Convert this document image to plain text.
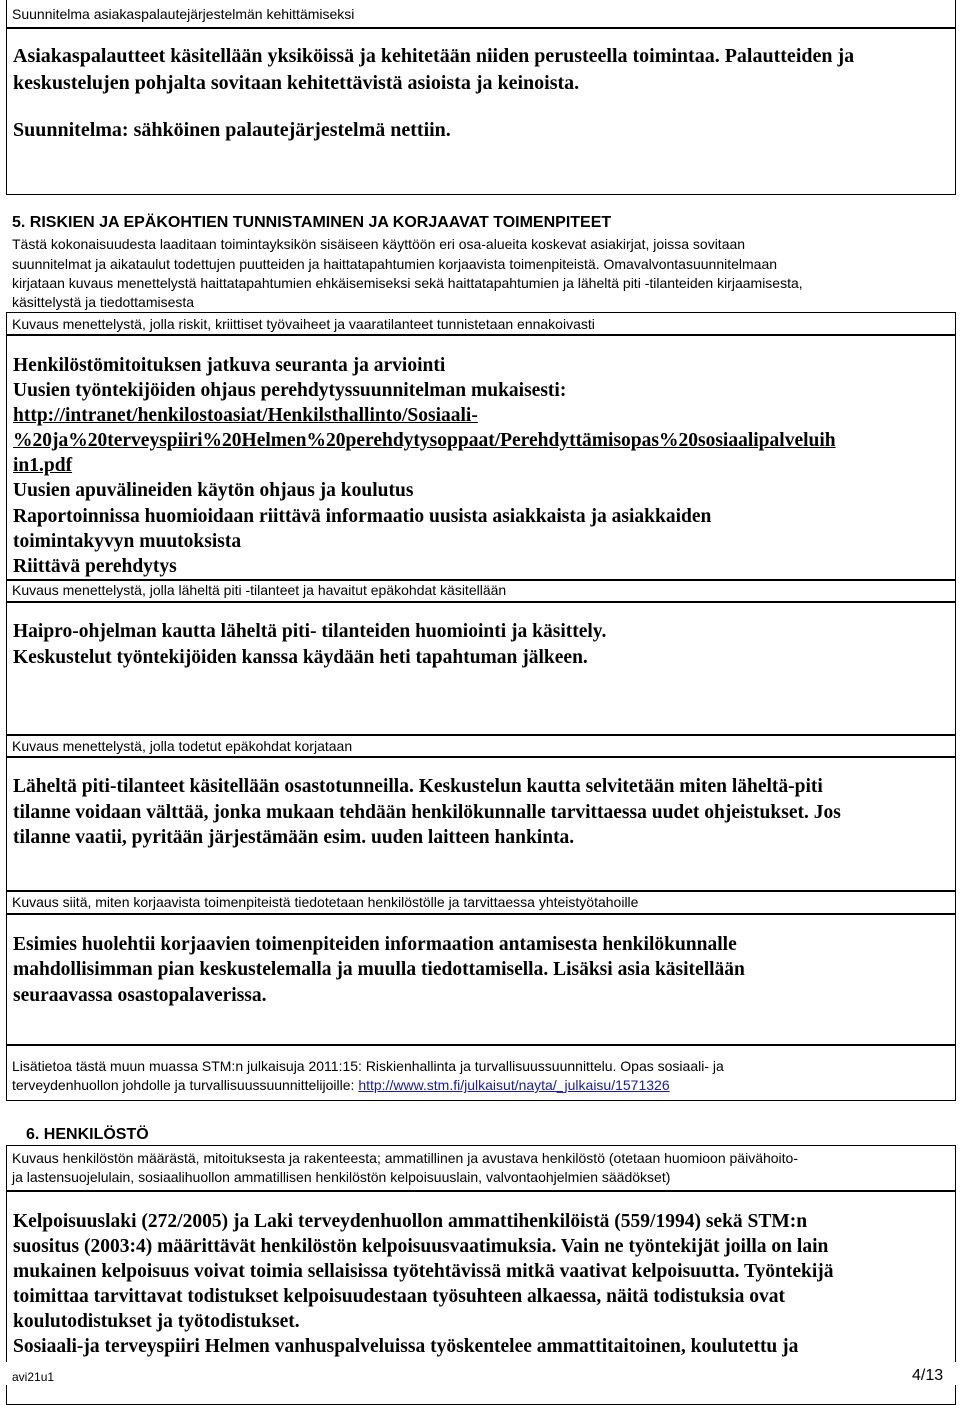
Suunnitelma asiakaspalautejärjestelmän kehittämiseksi
Asiakaspalautteet käsitellään yksiköissä ja kehitetään niiden perusteella toimintaa. Palautteiden ja
keskustelujen pohjalta sovitaan kehitettävistä asioista ja keinoista.
Suunnitelma: sähköinen palautejärjestelmä nettiin.
5. RISKIEN JA EPÄKOHTIEN TUNNISTAMINEN JA KORJAAVAT TOIMENPITEET
Tästä kokonaisuudesta laaditaan toimintayksikön sisäiseen käyttöön eri osa-alueita koskevat asiakirjat, joissa sovitaan
suunnitelmat ja aikataulut todettujen puutteiden ja haittatapahtumien korjaavista toimenpiteistä. Omavalvontasuunnitelmaan
kirjataan kuvaus menettelystä haittatapahtumien ehkäisemiseksi sekä haittatapahtumien ja läheltä piti -tilanteiden kirjaamisesta,
käsittelystä ja tiedottamisesta
Kuvaus menettelystä, jolla riskit, kriittiset työvaiheet ja vaaratilanteet tunnistetaan ennakoivasti
Henkilöstömitoituksen jatkuva seuranta ja arviointi
Uusien työntekijöiden ohjaus perehdytyssuunnitelman mukaisesti:
http://intranet/henkilostoasiat/Henkilsthallinto/Sosiaali-
%20ja%20terveyspiiri%20Helmen%20perehdytysoppaat/Perehdyttämisopas%20sosiaalipalveluih
in1.pdf
Uusien apuvälineiden käytön ohjaus ja koulutus
Raportoinnissa huomioidaan riittävä informaatio uusista asiakkaista ja asiakkaiden
toimintakyvyn muutoksista
Riittävä perehdytys
Kuvaus menettelystä, jolla läheltä piti -tilanteet ja havaitut epäkohdat käsitellään
Haipro-ohjelman kautta läheltä piti- tilanteiden huomiointi ja käsittely.
Keskustelut työntekijöiden kanssa käydään heti tapahtuman jälkeen.
Kuvaus menettelystä, jolla todetut epäkohdat korjataan
Läheltä piti-tilanteet käsitellään osastotunneilla. Keskustelun kautta selvitetään miten läheltä-piti
tilanne voidaan välttää, jonka mukaan tehdään henkilökunnalle tarvittaessa uudet ohjeistukset. Jos
tilanne vaatii, pyritään järjestämään esim. uuden laitteen hankinta.
Kuvaus siitä, miten korjaavista toimenpiteistä tiedotetaan henkilöstölle ja tarvittaessa yhteistyötahoille
Esimies huolehtii korjaavien toimenpiteiden informaation antamisesta henkilökunnalle
mahdollisimman pian keskustelemalla ja muulla tiedottamisella. Lisäksi asia käsitellään
seuraavassa osastopalaverissa.
Lisätietoa tästä muun muassa STM:n julkaisuja 2011:15: Riskienhallinta ja turvallisuussuunnittelu. Opas sosiaali- ja
terveydenhuollon johdolle ja turvallisuussuunnittelijoille: http://www.stm.fi/julkaisut/nayta/_julkaisu/1571326
6. HENKILÖSTÖ
Kuvaus henkilöstön määrästä, mitoituksesta ja rakenteesta; ammatillinen ja avustava henkilöstö (otetaan huomioon päivähoito-
ja lastensuojelulain, sosiaalihuollon ammatillisen henkilöstön kelpoisuuslain, valvontaohjelmien säädökset)
Kelpoisuuslaki (272/2005) ja Laki terveydenhuollon ammattihenkilöistä (559/1994) sekä STM:n
suositus (2003:4) määrittävät henkilöstön kelpoisuusvaatimuksia. Vain ne työntekijät joilla on lain
mukainen kelpoisuus voivat toimia sellaisissa työtehtävissä mitkä vaativat kelpoisuutta. Työntekijä
toimittaa tarvittavat todistukset kelpoisuudestaan työsuhteen alkaessa, näitä todistuksia ovat
koulutodistukset ja työtodistukset.
Sosiaali-ja terveyspiiri Helmen vanhuspalveluissa työskentelee ammattitaitoinen, koulutettu ja
avi21u1	4/13
